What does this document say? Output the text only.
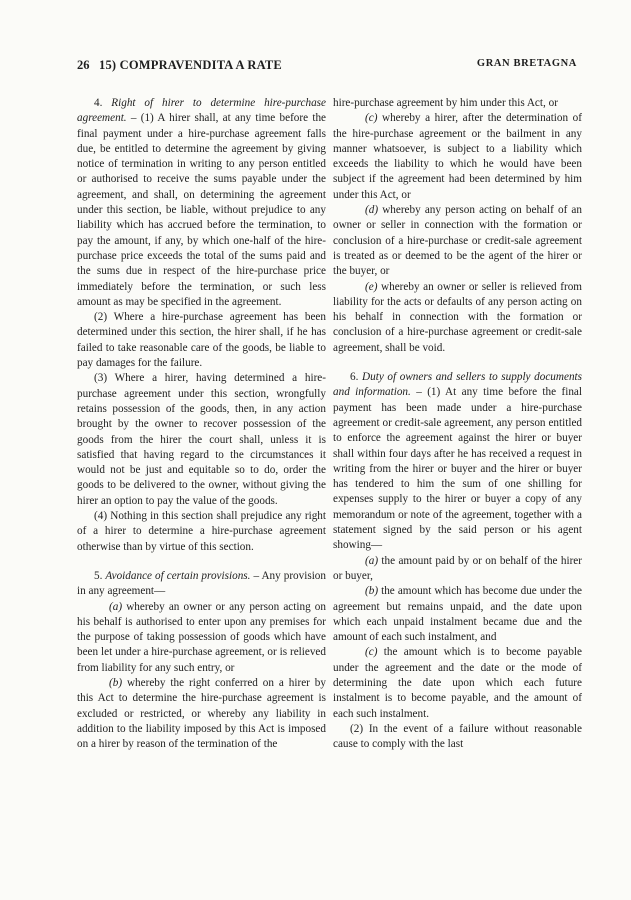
26 15) COMPRAVENDITA A RATE	GRAN BRETAGNA

4. Right of hirer to determine hire-purchase agreement. – (1) A hirer shall, at any time before the final payment under a hire-purchase agreement falls due, be entitled to determine the agreement by giving notice of termination in writing to any person entitled or authorised to receive the sums payable under the agreement, and shall, on determining the agreement under this section, be liable, without prejudice to any liability which has accrued before the termination, to pay the amount, if any, by which one-half of the hire-purchase price exceeds the total of the sums paid and the sums due in respect of the hire-purchase price immediately before the termination, or such less amount as may be specified in the agreement.

(2) Where a hire-purchase agreement has been determined under this section, the hirer shall, if he has failed to take reasonable care of the goods, be liable to pay damages for the failure.

(3) Where a hirer, having determined a hire-purchase agreement under this section, wrongfully retains possession of the goods, then, in any action brought by the owner to recover possession of the goods from the hirer the court shall, unless it is satisfied that having regard to the circumstances it would not be just and equitable so to do, order the goods to be delivered to the owner, without giving the hirer an option to pay the value of the goods.

(4) Nothing in this section shall prejudice any right of a hirer to determine a hire-purchase agreement otherwise than by virtue of this section.

5. Avoidance of certain provisions. – Any provision in any agreement—

(a) whereby an owner or any person acting on his behalf is authorised to enter upon any premises for the purpose of taking possession of goods which have been let under a hire-purchase agreement, or is relieved from liability for any such entry, or

(b) whereby the right conferred on a hirer by this Act to determine the hire-purchase agreement is excluded or restricted, or whereby any liability in addition to the liability imposed by this Act is imposed on a hirer by reason of the termination of the

hire-purchase agreement by him under this Act, or

(c) whereby a hirer, after the determination of the hire-purchase agreement or the bailment in any manner whatsoever, is subject to a liability which exceeds the liability to which he would have been subject if the agreement had been determined by him under this Act, or

(d) whereby any person acting on behalf of an owner or seller in connection with the formation or conclusion of a hire-purchase or credit-sale agreement is treated as or deemed to be the agent of the hirer or the buyer, or

(e) whereby an owner or seller is relieved from liability for the acts or defaults of any person acting on his behalf in connection with the formation or conclusion of a hire-purchase agreement or credit-sale agreement, shall be void.

6. Duty of owners and sellers to supply documents and information. – (1) At any time before the final payment has been made under a hire-purchase agreement or credit-sale agreement, any person entitled to enforce the agreement against the hirer or buyer shall within four days after he has received a request in writing from the hirer or buyer and the hirer or buyer has tendered to him the sum of one shilling for expenses supply to the hirer or buyer a copy of any memorandum or note of the agreement, together with a statement signed by the said person or his agent showing—

(a) the amount paid by or on behalf of the hirer or buyer,

(b) the amount which has become due under the agreement but remains unpaid, and the date upon which each unpaid instalment became due and the amount of each such instalment, and

(c) the amount which is to become payable under the agreement and the date or the mode of determining the date upon which each future instalment is to become payable, and the amount of each such instalment.

(2) In the event of a failure without reasonable cause to comply with the last
